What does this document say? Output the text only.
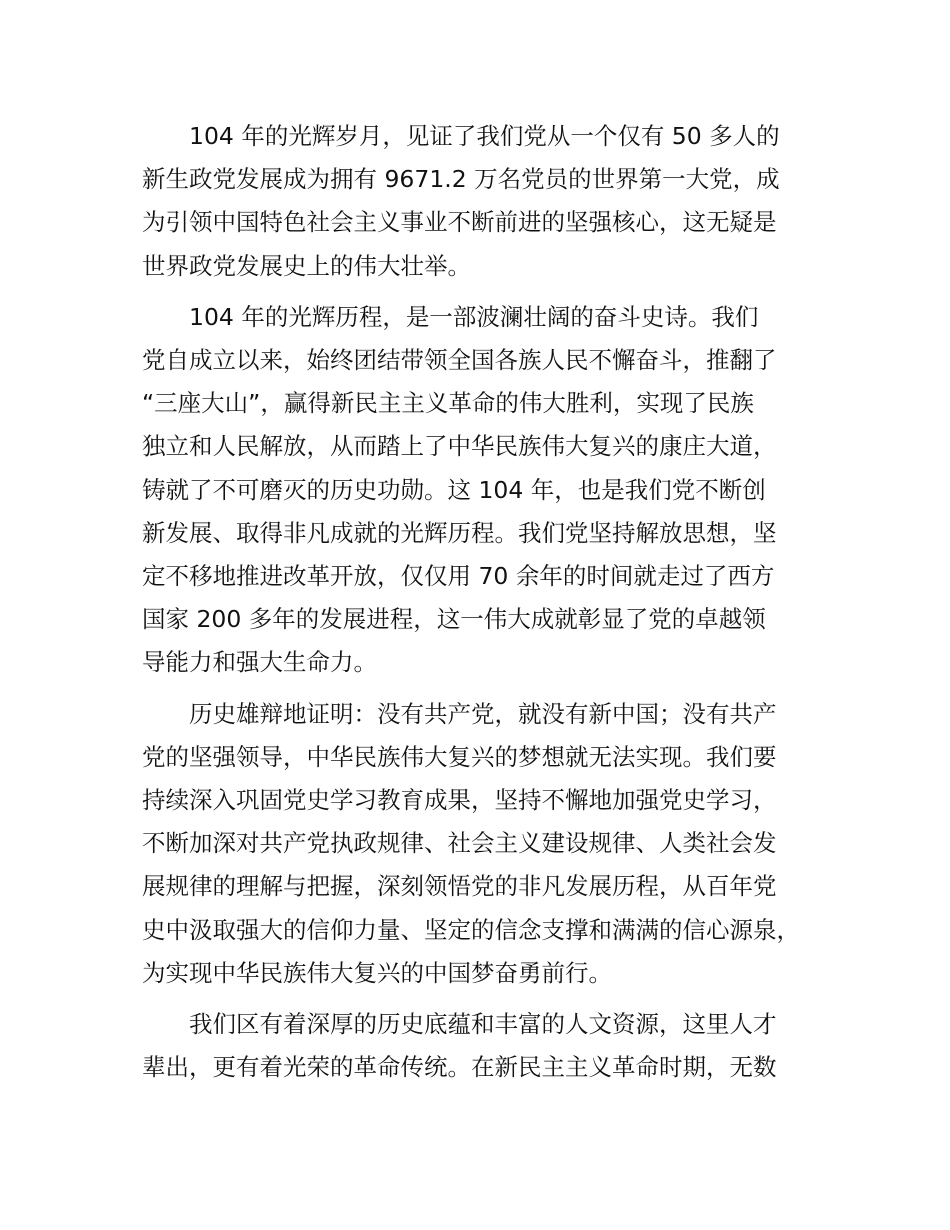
104 年的光辉岁月，见证了我们党从一个仅有 50 多人的
新生政党发展成为拥有 9671.2 万名党员的世界第一大党，成
为引领中国特色社会主义事业不断前进的坚强核心，这无疑是
世界政党发展史上的伟大壮举。

104 年的光辉历程，是一部波澜壮阔的奋斗史诗。我们
党自成立以来，始终团结带领全国各族人民不懈奋斗，推翻了
“三座大山”，赢得新民主主义革命的伟大胜利，实现了民族
独立和人民解放，从而踏上了中华民族伟大复兴的康庄大道，
铸就了不可磨灭的历史功勋。这 104 年，也是我们党不断创
新发展、取得非凡成就的光辉历程。我们党坚持解放思想，坚
定不移地推进改革开放，仅仅用 70 余年的时间就走过了西方
国家 200 多年的发展进程，这一伟大成就彰显了党的卓越领
导能力和强大生命力。

历史雄辩地证明：没有共产党，就没有新中国；没有共产
党的坚强领导，中华民族伟大复兴的梦想就无法实现。我们要
持续深入巩固党史学习教育成果，坚持不懈地加强党史学习，
不断加深对共产党执政规律、社会主义建设规律、人类社会发
展规律的理解与把握，深刻领悟党的非凡发展历程，从百年党
史中汲取强大的信仰力量、坚定的信念支撑和满满的信心源泉，
为实现中华民族伟大复兴的中国梦奋勇前行。

我们区有着深厚的历史底蕴和丰富的人文资源，这里人才
辈出，更有着光荣的革命传统。在新民主主义革命时期，无数
